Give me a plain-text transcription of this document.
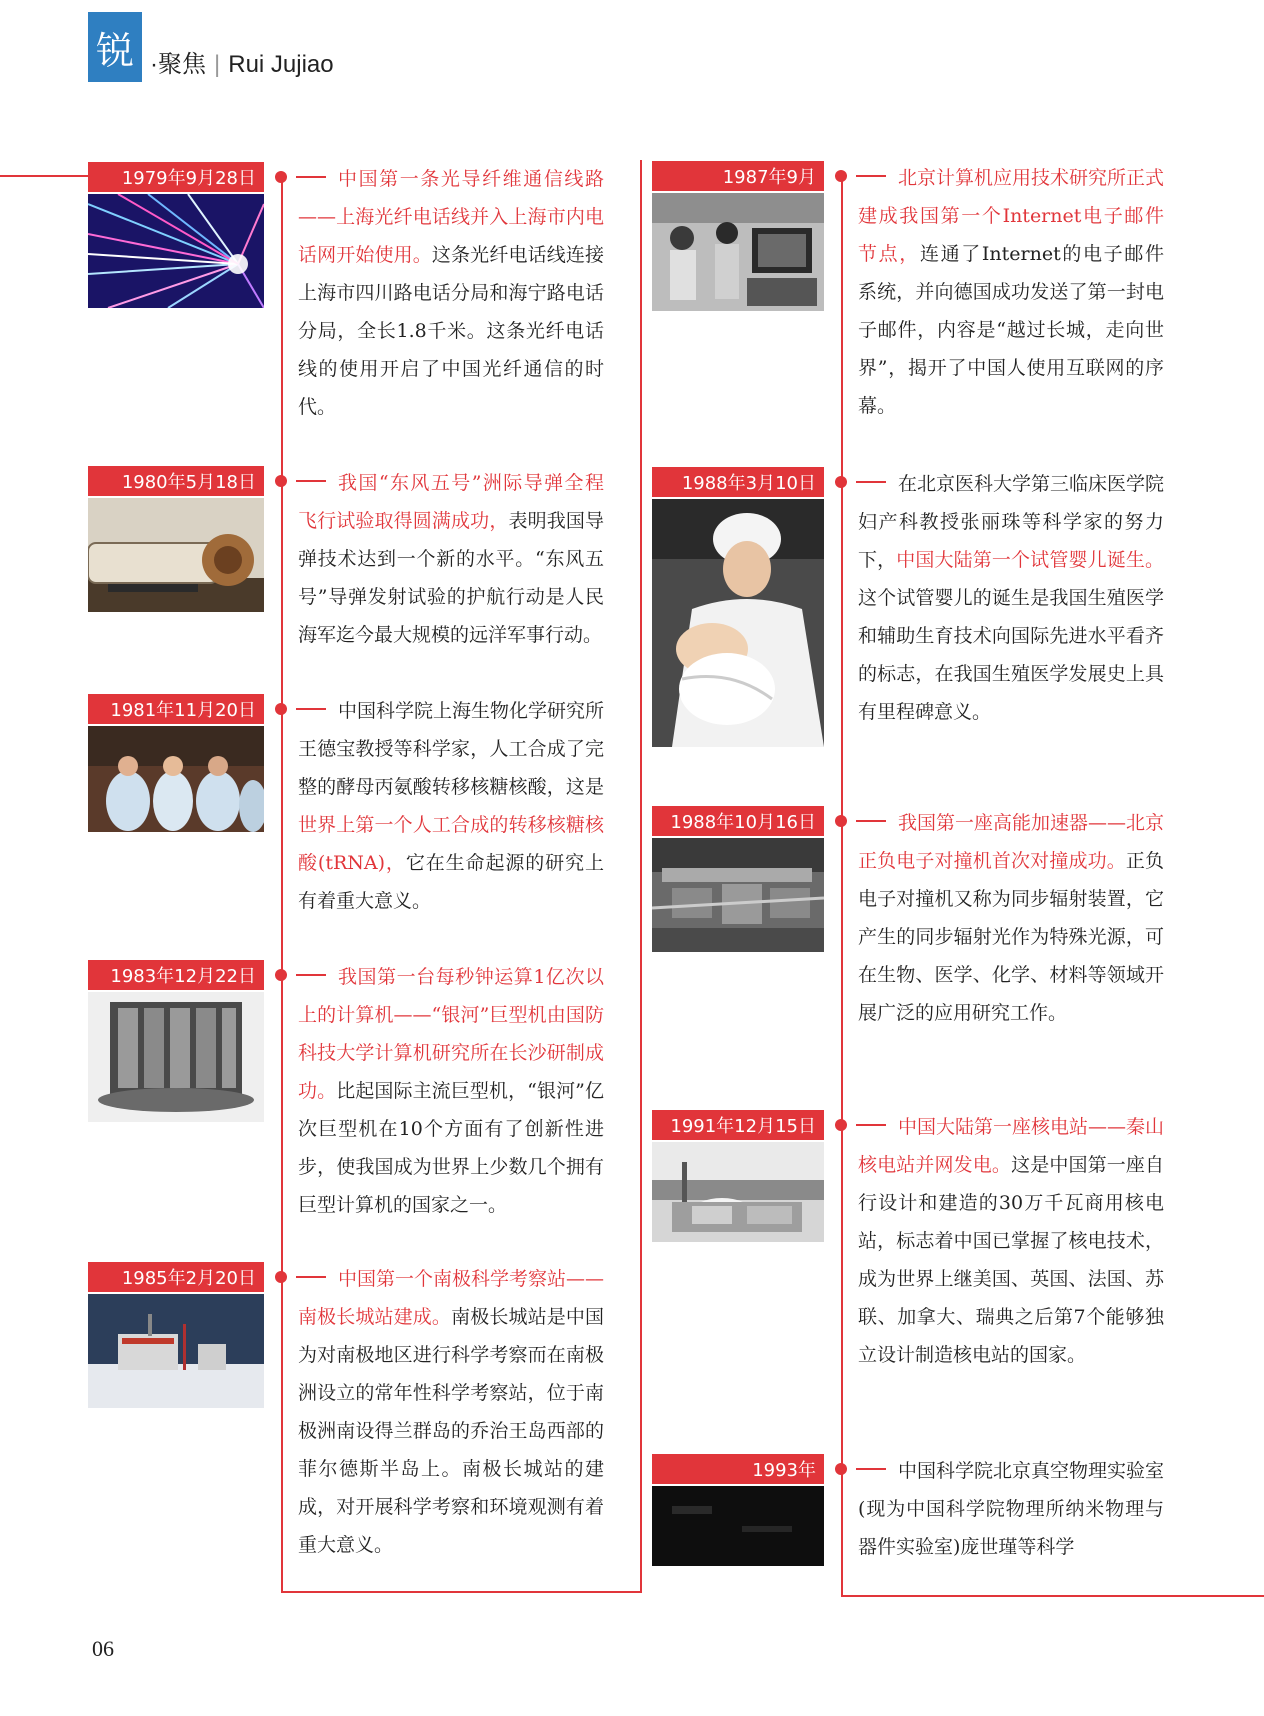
锐 ·聚焦 | Rui Jujiao
1979年9月28日	中国第一条光导纤维通信线路——上海光纤电话线并入上海市内电话网开始使用。这条光纤电话线连接上海市四川路电话分局和海宁路电话分局，全长1.8千米。这条光纤电话线的使用开启了中国光纤通信的时代。
1980年5月18日	我国“东风五号”洲际导弹全程飞行试验取得圆满成功，表明我国导弹技术达到一个新的水平。“东风五号”导弹发射试验的护航行动是人民海军迄今最大规模的远洋军事行动。
1981年11月20日	中国科学院上海生物化学研究所王德宝教授等科学家，人工合成了完整的酵母丙氨酸转移核糖核酸，这是世界上第一个人工合成的转移核糖核酸(tRNA)，它在生命起源的研究上有着重大意义。
1983年12月22日	我国第一台每秒钟运算1亿次以上的计算机——“银河”巨型机由国防科技大学计算机研究所在长沙研制成功。比起国际主流巨型机，“银河”亿次巨型机在10个方面有了创新性进步，使我国成为世界上少数几个拥有巨型计算机的国家之一。
1985年2月20日	中国第一个南极科学考察站——南极长城站建成。南极长城站是中国为对南极地区进行科学考察而在南极洲设立的常年性科学考察站，位于南极洲南设得兰群岛的乔治王岛西部的菲尔德斯半岛上。南极长城站的建成，对开展科学考察和环境观测有着重大意义。
1987年9月	北京计算机应用技术研究所正式建成我国第一个Internet电子邮件节点，连通了Internet的电子邮件系统，并向德国成功发送了第一封电子邮件，内容是“越过长城，走向世界”，揭开了中国人使用互联网的序幕。
1988年3月10日	在北京医科大学第三临床医学院妇产科教授张丽珠等科学家的努力下，中国大陆第一个试管婴儿诞生。这个试管婴儿的诞生是我国生殖医学和辅助生育技术向国际先进水平看齐的标志，在我国生殖医学发展史上具有里程碑意义。
1988年10月16日	我国第一座高能加速器——北京正负电子对撞机首次对撞成功。正负电子对撞机又称为同步辐射装置，它产生的同步辐射光作为特殊光源，可在生物、医学、化学、材料等领域开展广泛的应用研究工作。
1991年12月15日	中国大陆第一座核电站——秦山核电站并网发电。这是中国第一座自行设计和建造的30万千瓦商用核电站，标志着中国已掌握了核电技术，成为世界上继美国、英国、法国、苏联、加拿大、瑞典之后第7个能够独立设计制造核电站的国家。
1993年	中国科学院北京真空物理实验室(现为中国科学院物理所纳米物理与器件实验室)庞世瑾等科学
06
